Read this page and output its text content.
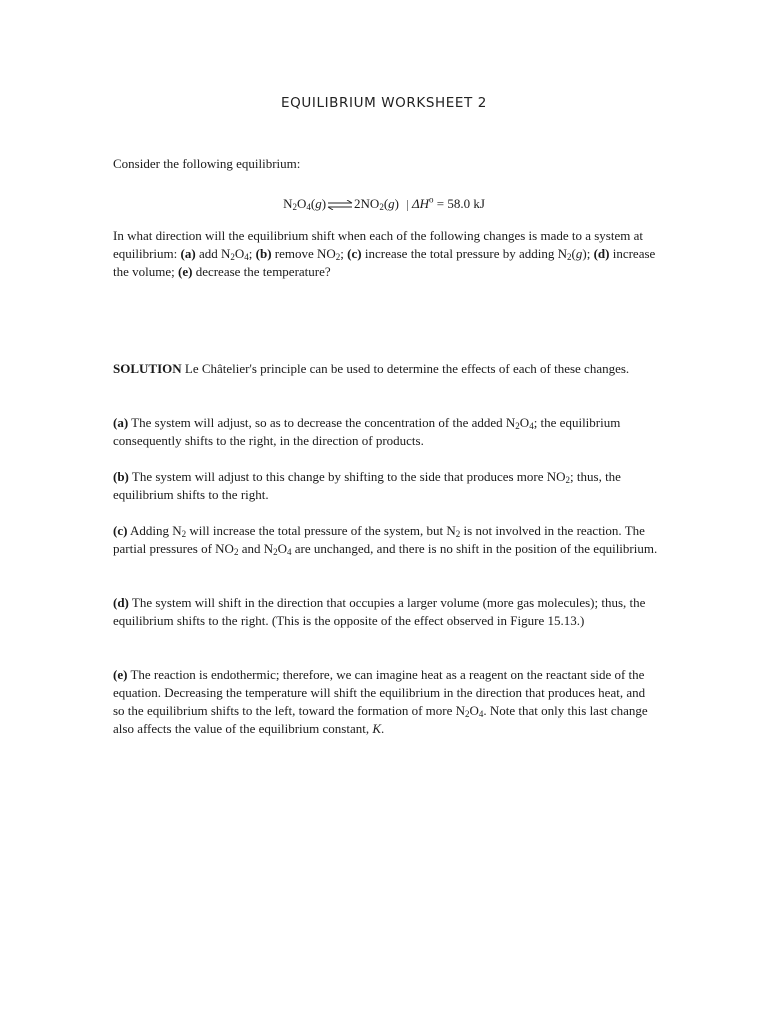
EQUILIBRIUM WORKSHEET 2
Consider the following equilibrium:
$N_2O_4(g)\rightleftharpoons 2NO_2(g) \Delta H^o = 58.0$ kJ
In what direction will the equilibrium shift when each of the following changes is made to a system at equilibrium: (a) add $N_2O_4$; (b) remove $NO_2$; (c) increase the total pressure by adding $N_2(g)$; (d) increase the volume; (e) decrease the temperature?
SOLUTION Le Châtelier's principle can be used to determine the effects of each of these changes.
(a) The system will adjust, so as to decrease the concentration of the added $N_2O_4$; the equilibrium consequently shifts to the right, in the direction of products.
(b) The system will adjust to this change by shifting to the side that produces more $NO_2$; thus, the equilibrium shifts to the right.
(c) Adding $N_2$ will increase the total pressure of the system, but $N_2$ is not involved in the reaction. The partial pressures of $NO_2$ and $N_2O_4$ are unchanged, and there is no shift in the position of the equilibrium.
(d) The system will shift in the direction that occupies a larger volume (more gas molecules); thus, the equilibrium shifts to the right. (This is the opposite of the effect observed in Figure 15.13.)
(e) The reaction is endothermic; therefore, we can imagine heat as a reagent on the reactant side of the equation. Decreasing the temperature will shift the equilibrium in the direction that produces heat, and so the equilibrium shifts to the left, toward the formation of more $N_2O_4$. Note that only this last change also affects the value of the equilibrium constant, K.
